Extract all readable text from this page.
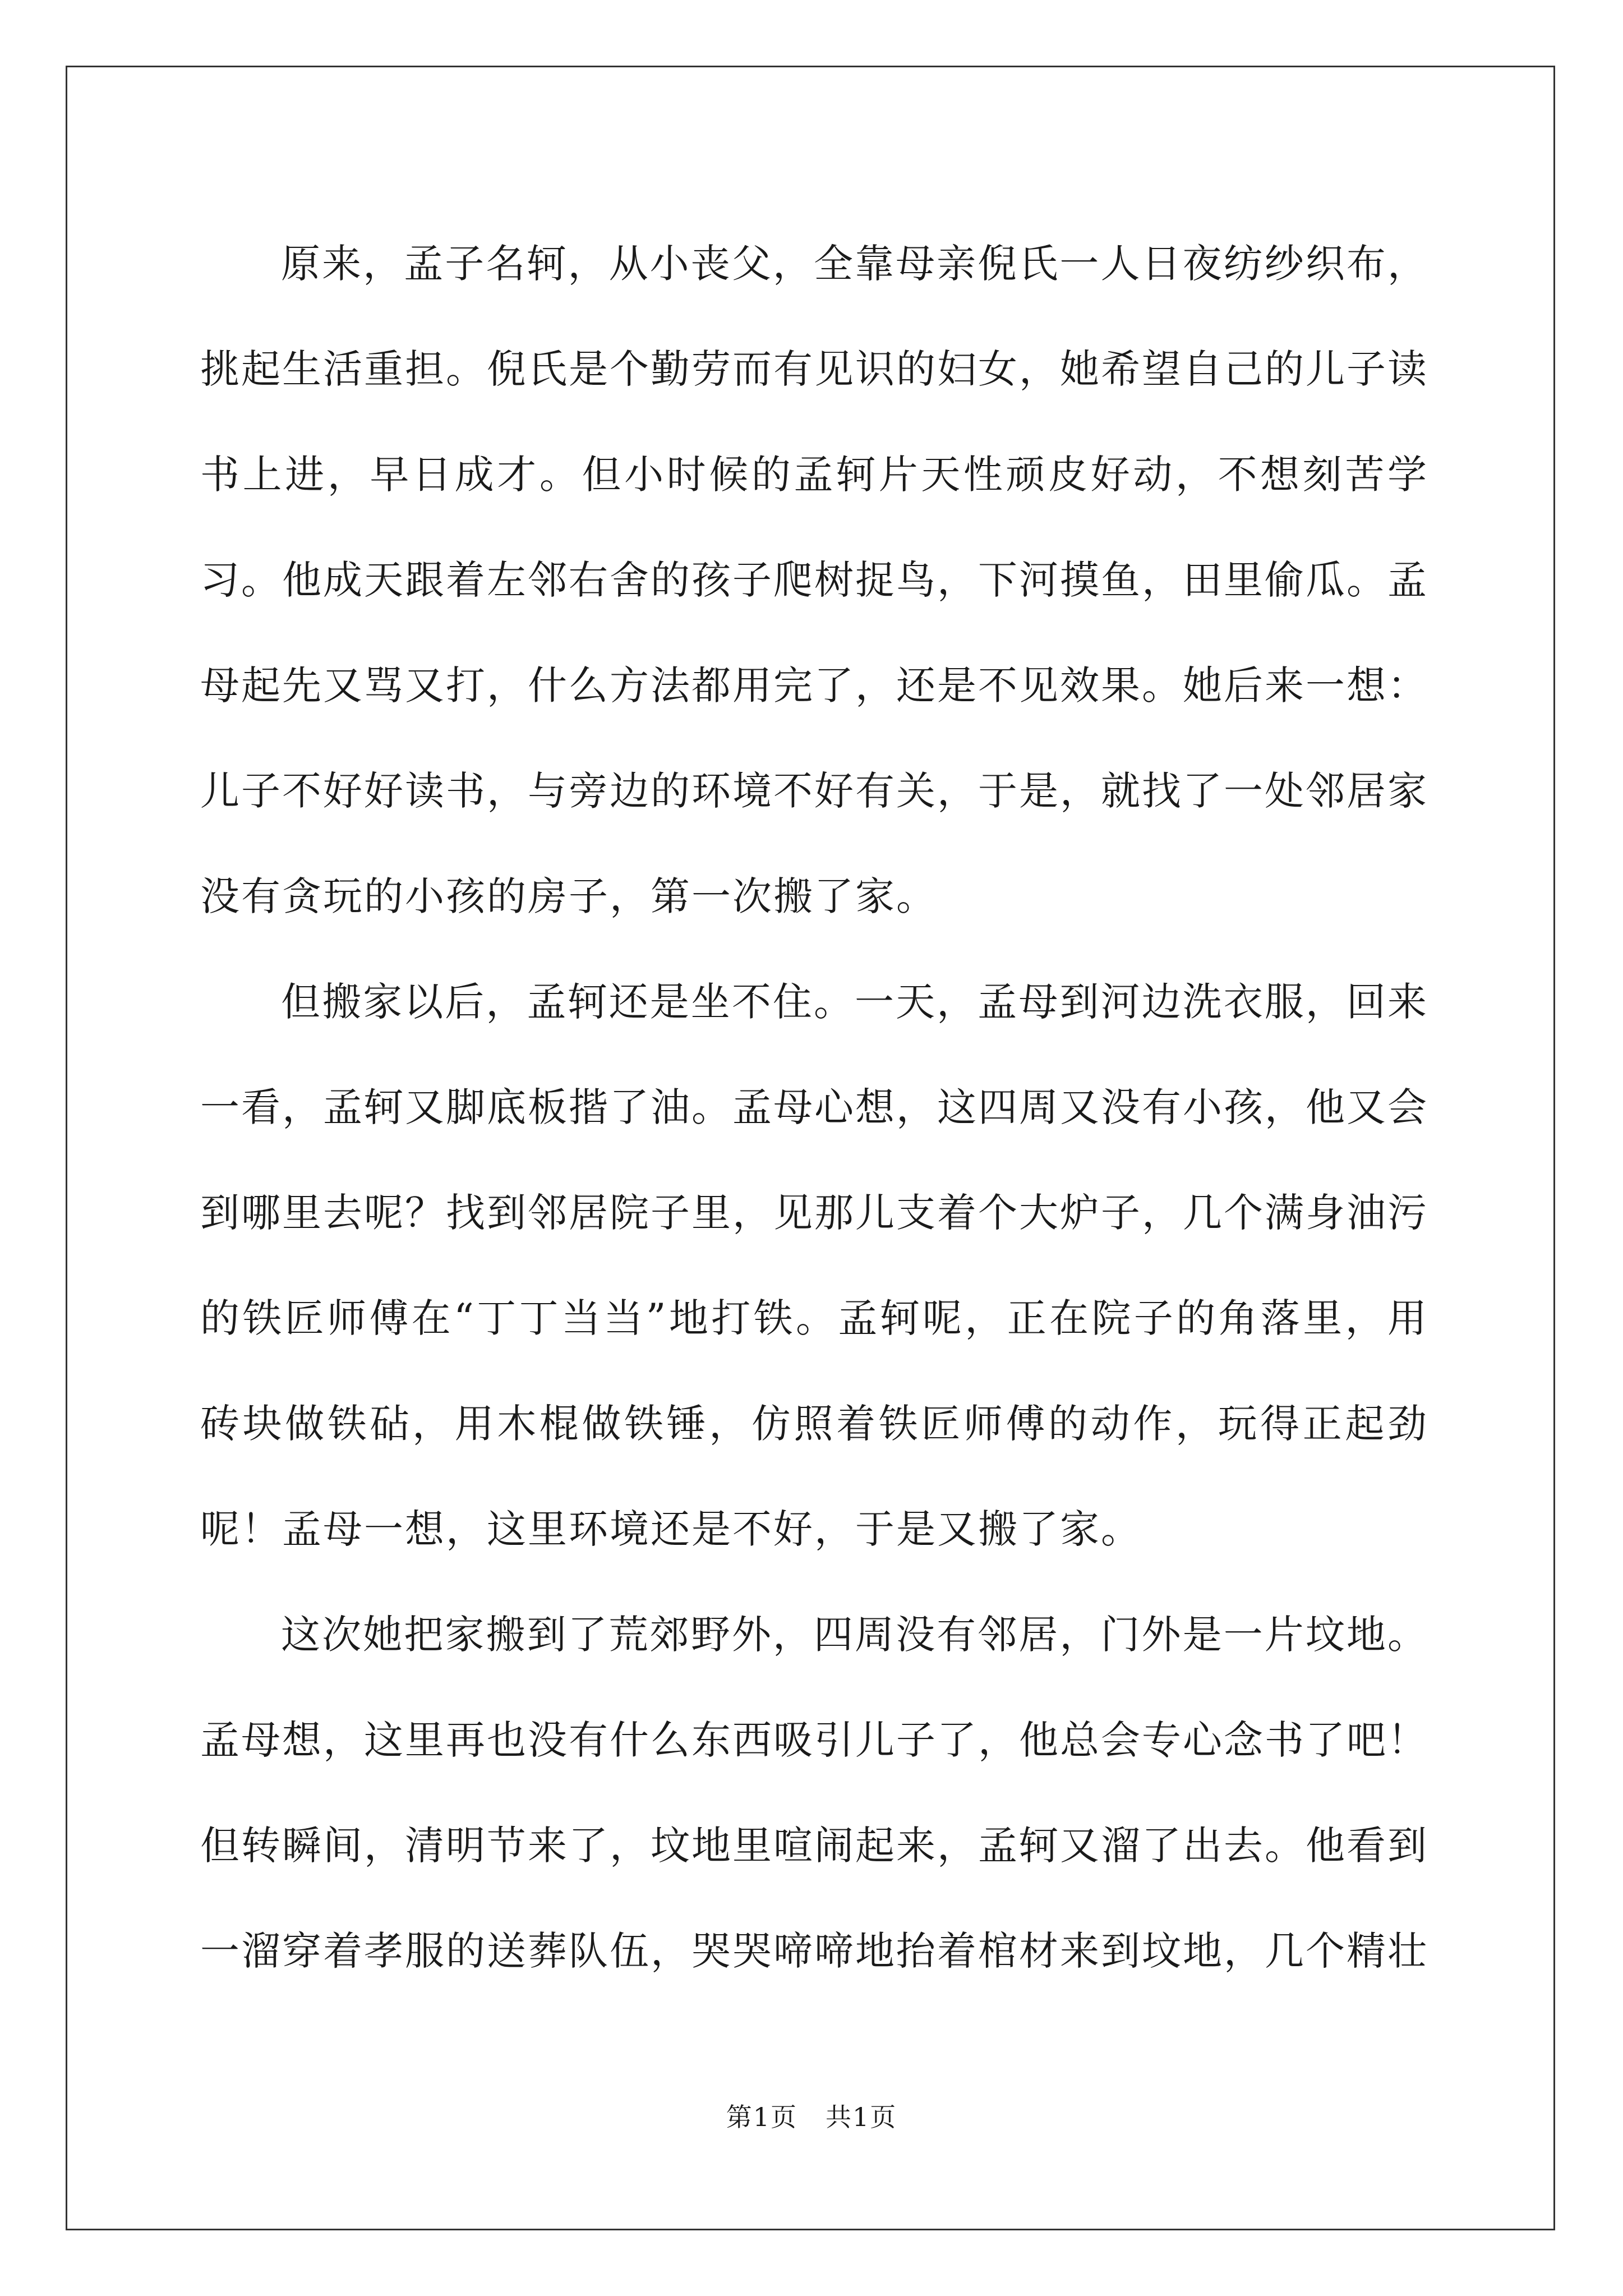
原来，孟子名轲，从小丧父，全靠母亲倪氏一人日夜纺纱织布，挑起生活重担。倪氏是个勤劳而有见识的妇女，她希望自己的儿子读书上进，早日成才。但小时候的孟轲片天性顽皮好动，不想刻苦学习。他成天跟着左邻右舍的孩子爬树捉鸟，下河摸鱼，田里偷瓜。孟母起先又骂又打，什么方法都用完了，还是不见效果。她后来一想：儿子不好好读书，与旁边的环境不好有关，于是，就找了一处邻居家没有贪玩的小孩的房子，第一次搬了家。

但搬家以后，孟轲还是坐不住。一天，孟母到河边洗衣服，回来一看，孟轲又脚底板揩了油。孟母心想，这四周又没有小孩，他又会到哪里去呢？找到邻居院子里，见那儿支着个大炉子，几个满身油污的铁匠师傅在“丁丁当当”地打铁。孟轲呢，正在院子的角落里，用砖块做铁砧，用木棍做铁锤，仿照着铁匠师傅的动作，玩得正起劲呢！孟母一想，这里环境还是不好，于是又搬了家。

这次她把家搬到了荒郊野外，四周没有邻居，门外是一片坟地。孟母想，这里再也没有什么东西吸引儿子了，他总会专心念书了吧！但转瞬间，清明节来了，坟地里喧闹起来，孟轲又溜了出去。他看到一溜穿着孝服的送葬队伍，哭哭啼啼地抬着棺材来到坟地，几个精壮

第1页 共1页
